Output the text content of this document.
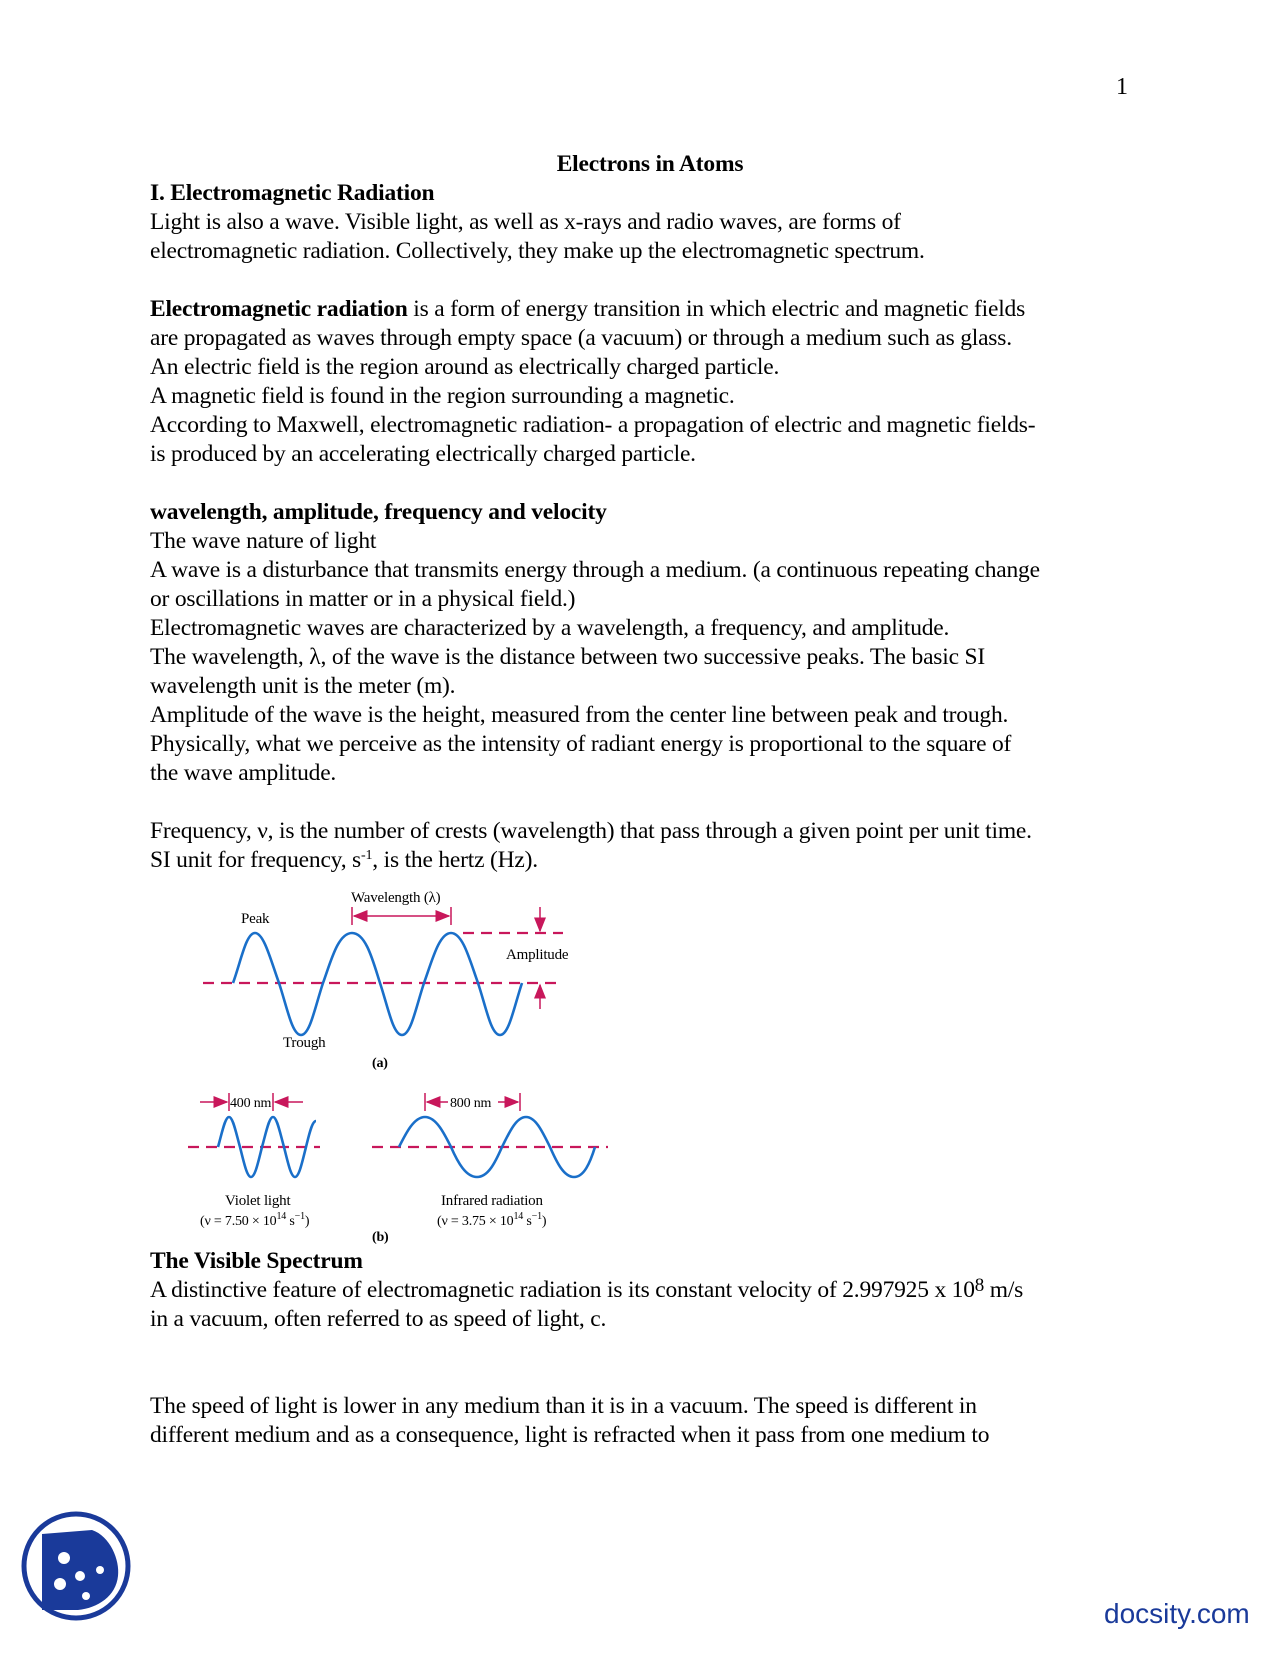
1

Electrons in Atoms

I. Electromagnetic Radiation

Light is also a wave. Visible light, as well as x-rays and radio waves, are forms of

electromagnetic radiation. Collectively, they make up the electromagnetic spectrum.

Electromagnetic radiation is a form of energy transition in which electric and magnetic fields

are propagated as waves through empty space (a vacuum) or through a medium such as glass.

An electric field is the region around as electrically charged particle.

A magnetic field is found in the region surrounding a magnetic.

According to Maxwell, electromagnetic radiation- a propagation of electric and magnetic fields-

is produced by an accelerating electrically charged particle.

wavelength, amplitude, frequency and velocity

The wave nature of light

A wave is a disturbance that transmits energy through a medium. (a continuous repeating change

or oscillations in matter or in a physical field.)

Electromagnetic waves are characterized by a wavelength, a frequency, and amplitude.

The wavelength, λ, of the wave is the distance between two successive peaks. The basic SI

wavelength unit is the meter (m).

Amplitude of the wave is the height, measured from the center line between peak and trough.

Physically, what we perceive as the intensity of radiant energy is proportional to the square of

the wave amplitude.

Frequency, ν, is the number of crests (wavelength) that pass through a given point per unit time.

SI unit for frequency, $s^{-1}$, is the hertz (Hz).

Wavelength (λ)
Peak
Amplitude
Trough
(a)
400 nm
Violet light
($\nu = 7.50 \times 10^{14}$ $s^{-1}$)
800 nm
Infrared radiation
($\nu = 3.75 \times 10^{14}$ $s^{-1}$)
(b)

The Visible Spectrum

A distinctive feature of electromagnetic radiation is its constant velocity of 2.997925 x $10^8$ m/s

in a vacuum, often referred to as speed of light, c.

The speed of light is lower in any medium than it is in a vacuum. The speed is different in

different medium and as a consequence, light is refracted when it pass from one medium to

docsity.com
